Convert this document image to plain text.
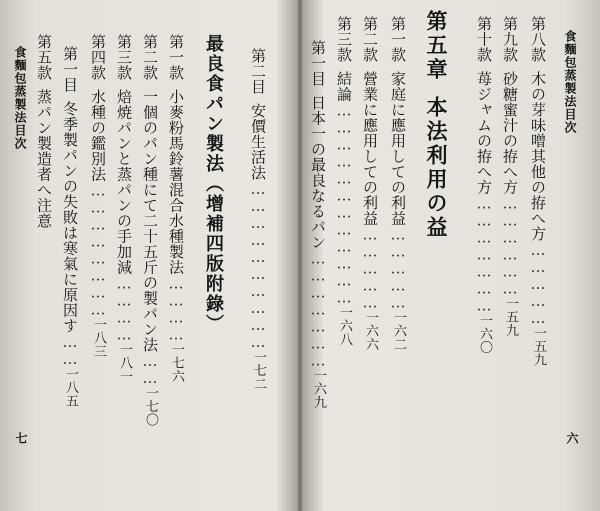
食麵包蒸製法目次 第五款蒸パン製造者へ注意
第一目冬季製パンの失敗は寒氣に原因す……一八五
第四款水種の鑑別法……………………一八三
第三款焙焼パンと蒸パンの手加減…………一八一
第二款一個のパン種にて二十五斤の製パン法……一七〇
第一款小麥粉馬鈴薯混合水種製法…………一七六
最良食パン製法（增補四版附錄） 第二目安價生活法…………………………一七二
七
第一目日本一の最良なるパン…………………一六九
第三款結論………………………………一六八
第二款營業に應用しての利益……………一六六
第一款家庭に應用しての利益……………一六二
第五章本法利用の益
第十款苺ジャムの拵へ方…………………一六〇
第九款砂糖蜜汁の拵へ方………………一五九
第八款木の芽味噌其他の拵へ方……………一五九
食麵包蒸製法目次
六
